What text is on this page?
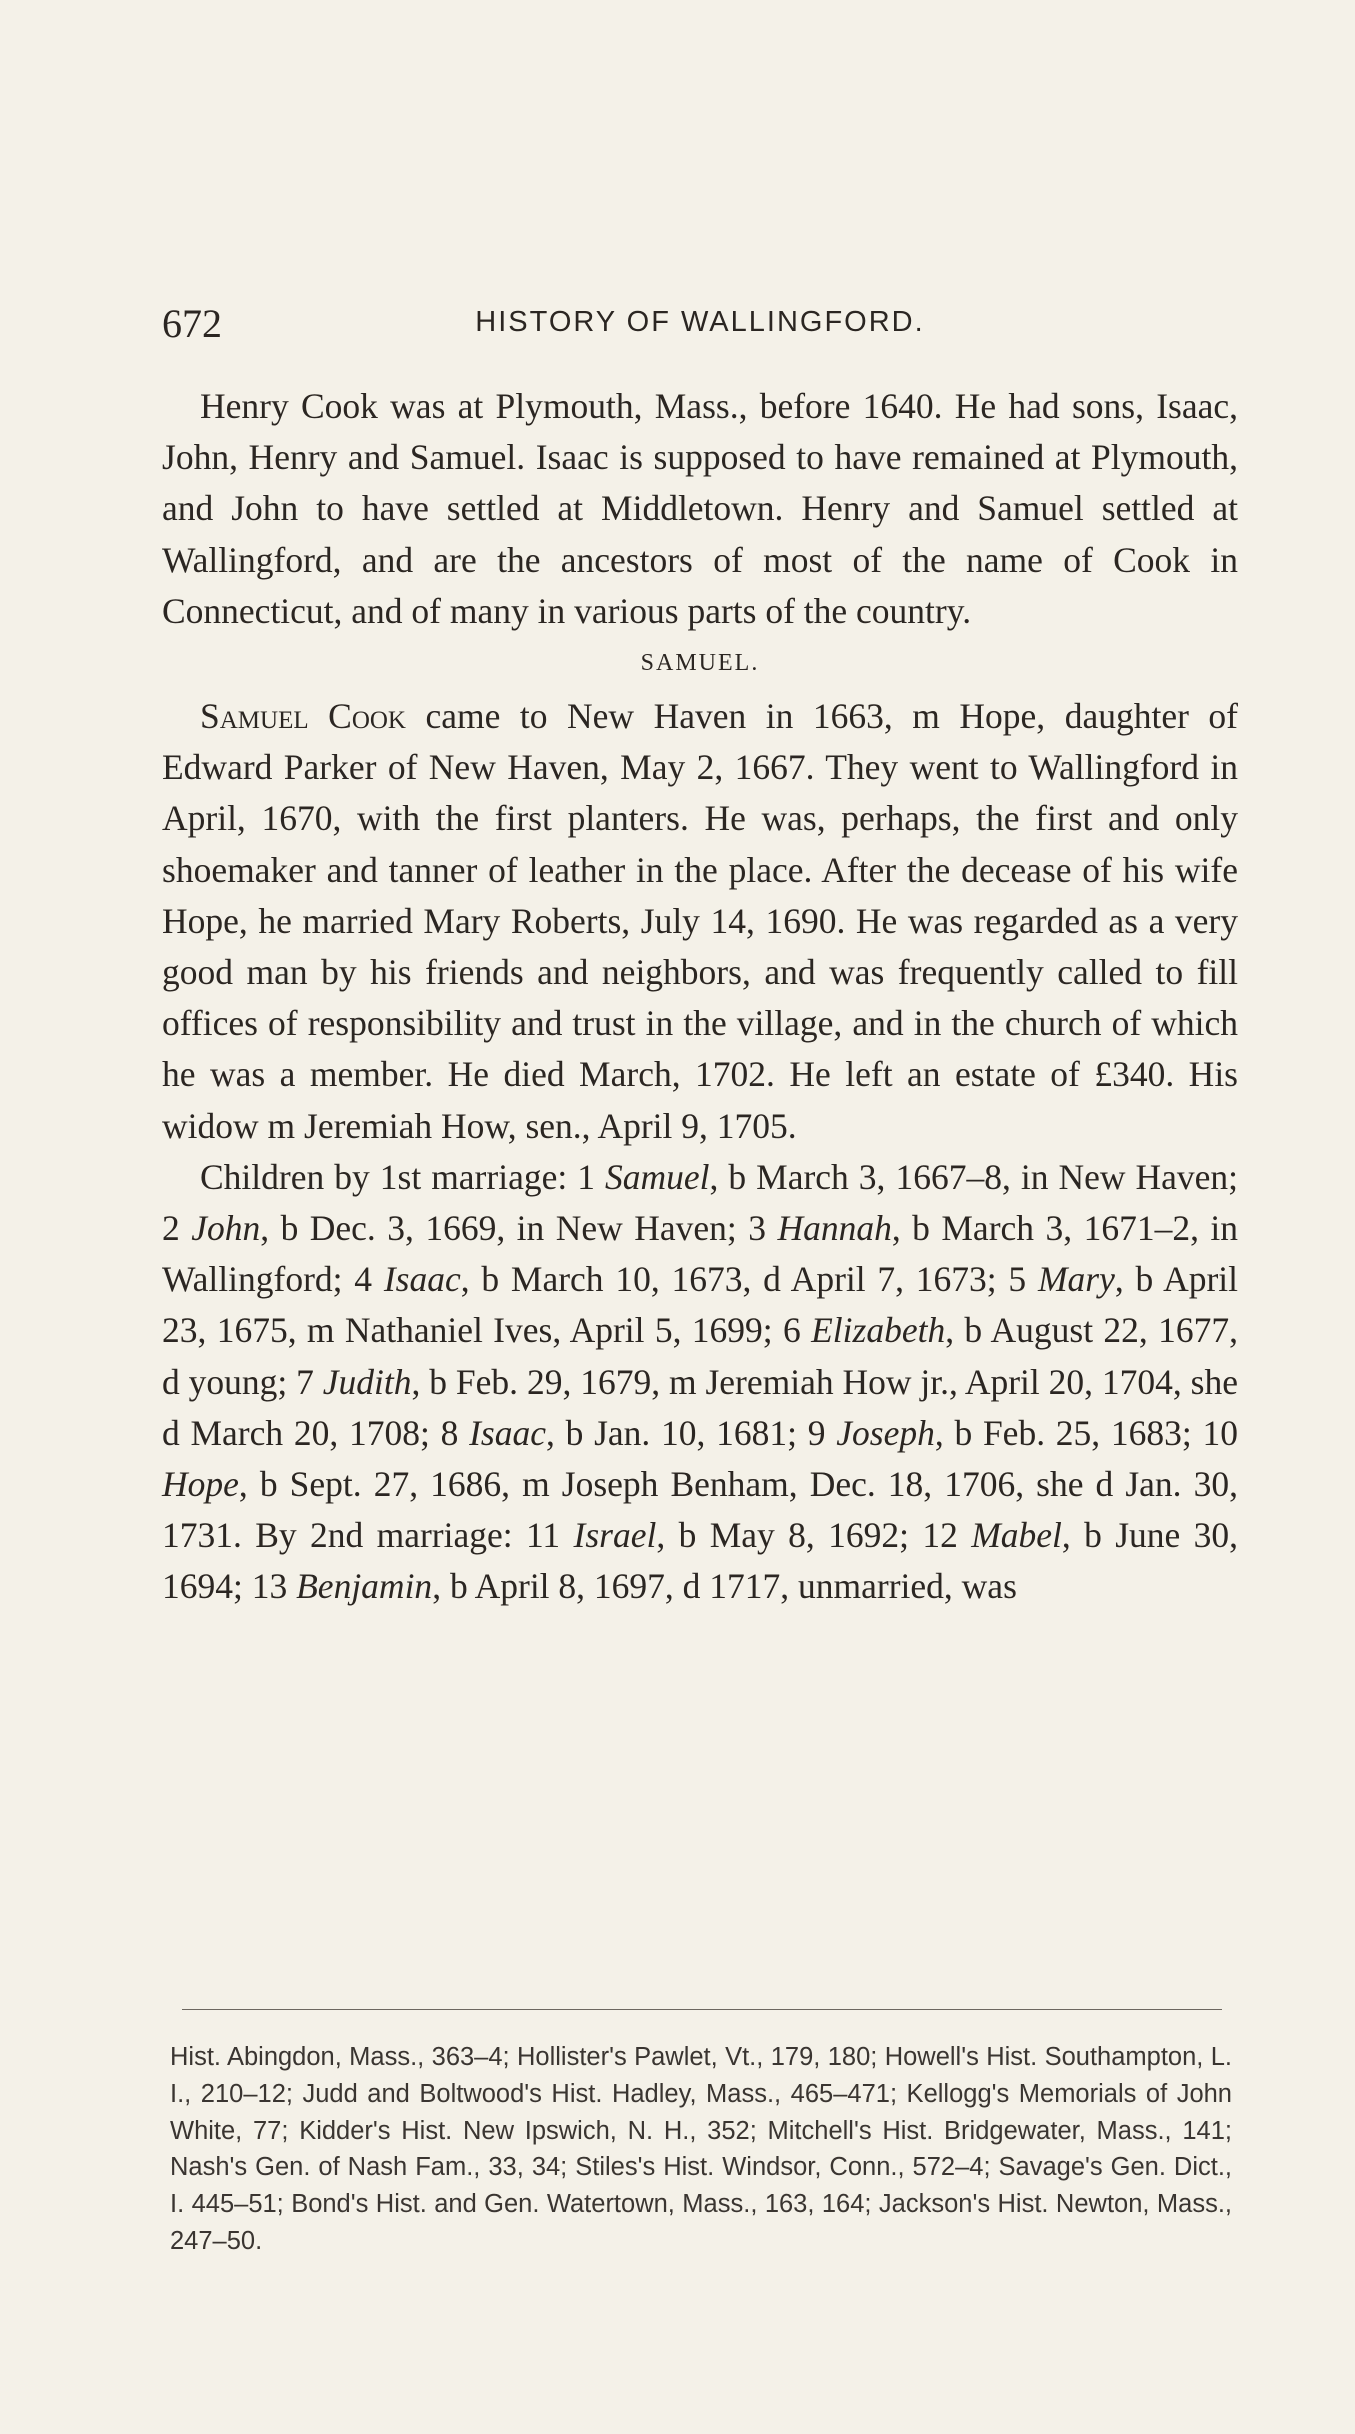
672	HISTORY OF WALLINGFORD.

Henry Cook was at Plymouth, Mass., before 1640. He had sons, Isaac, John, Henry and Samuel. Isaac is supposed to have remained at Plymouth, and John to have settled at Middletown. Henry and Samuel settled at Wallingford, and are the ancestors of most of the name of Cook in Connecticut, and of many in various parts of the country.

SAMUEL.

Samuel Cook came to New Haven in 1663, m Hope, daughter of Edward Parker of New Haven, May 2, 1667. They went to Wallingford in April, 1670, with the first planters. He was, perhaps, the first and only shoemaker and tanner of leather in the place. After the decease of his wife Hope, he married Mary Roberts, July 14, 1690. He was regarded as a very good man by his friends and neighbors, and was frequently called to fill offices of responsibility and trust in the village, and in the church of which he was a member. He died March, 1702. He left an estate of £340. His widow m Jeremiah How, sen., April 9, 1705.

Children by 1st marriage: 1 Samuel, b March 3, 1667–8, in New Haven; 2 John, b Dec. 3, 1669, in New Haven; 3 Hannah, b March 3, 1671–2, in Wallingford; 4 Isaac, b March 10, 1673, d April 7, 1673; 5 Mary, b April 23, 1675, m Nathaniel Ives, April 5, 1699; 6 Elizabeth, b August 22, 1677, d young; 7 Judith, b Feb. 29, 1679, m Jeremiah How jr., April 20, 1704, she d March 20, 1708; 8 Isaac, b Jan. 10, 1681; 9 Joseph, b Feb. 25, 1683; 10 Hope, b Sept. 27, 1686, m Joseph Benham, Dec. 18, 1706, she d Jan. 30, 1731. By 2nd marriage: 11 Israel, b May 8, 1692; 12 Mabel, b June 30, 1694; 13 Benjamin, b April 8, 1697, d 1717, unmarried, was

Hist. Abingdon, Mass., 363–4; Hollister's Pawlet, Vt., 179, 180; Howell's Hist. Southampton, L. I., 210–12; Judd and Boltwood's Hist. Hadley, Mass., 465–471; Kellogg's Memorials of John White, 77; Kidder's Hist. New Ipswich, N. H., 352; Mitchell's Hist. Bridgewater, Mass., 141; Nash's Gen. of Nash Fam., 33, 34; Stiles's Hist. Windsor, Conn., 572–4; Savage's Gen. Dict., I. 445–51; Bond's Hist. and Gen. Watertown, Mass., 163, 164; Jackson's Hist. Newton, Mass., 247–50.
